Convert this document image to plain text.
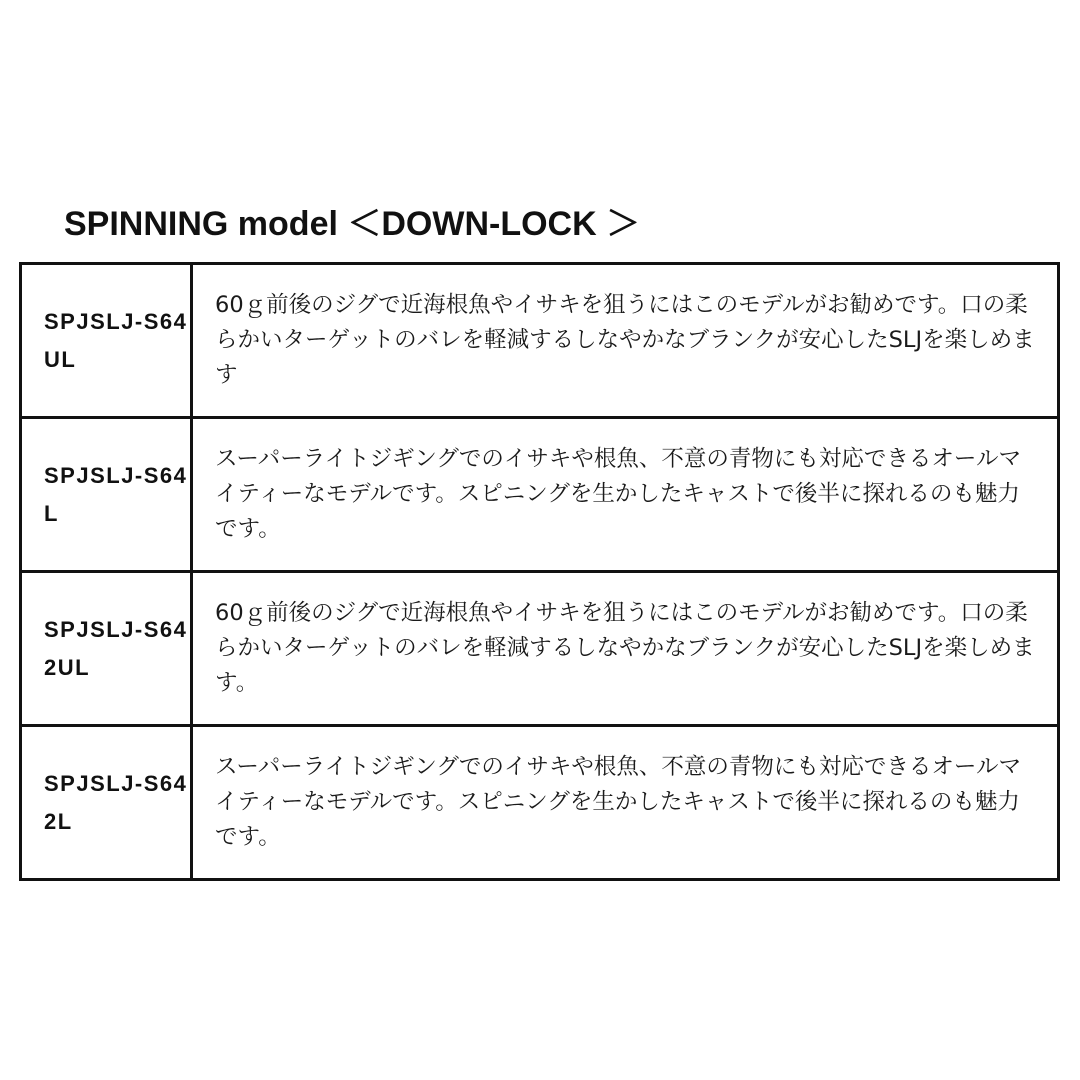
SPINNING model ＜DOWN-LOCK ＞
SPJSLJ-S64UL	60ｇ前後のジグで近海根魚やイサキを狙うにはこのモデルがお勧めです。口の柔らかいターゲットのバレを軽減するしなやかなブランクが安心したSLJを楽しめます
SPJSLJ-S64L	スーパーライトジギングでのイサキや根魚、不意の青物にも対応できるオールマイティーなモデルです。スピニングを生かしたキャストで後半に探れるのも魅力です。
SPJSLJ-S642UL	60ｇ前後のジグで近海根魚やイサキを狙うにはこのモデルがお勧めです。口の柔らかいターゲットのバレを軽減するしなやかなブランクが安心したSLJを楽しめます。
SPJSLJ-S642L	スーパーライトジギングでのイサキや根魚、不意の青物にも対応できるオールマイティーなモデルです。スピニングを生かしたキャストで後半に探れるのも魅力です。
